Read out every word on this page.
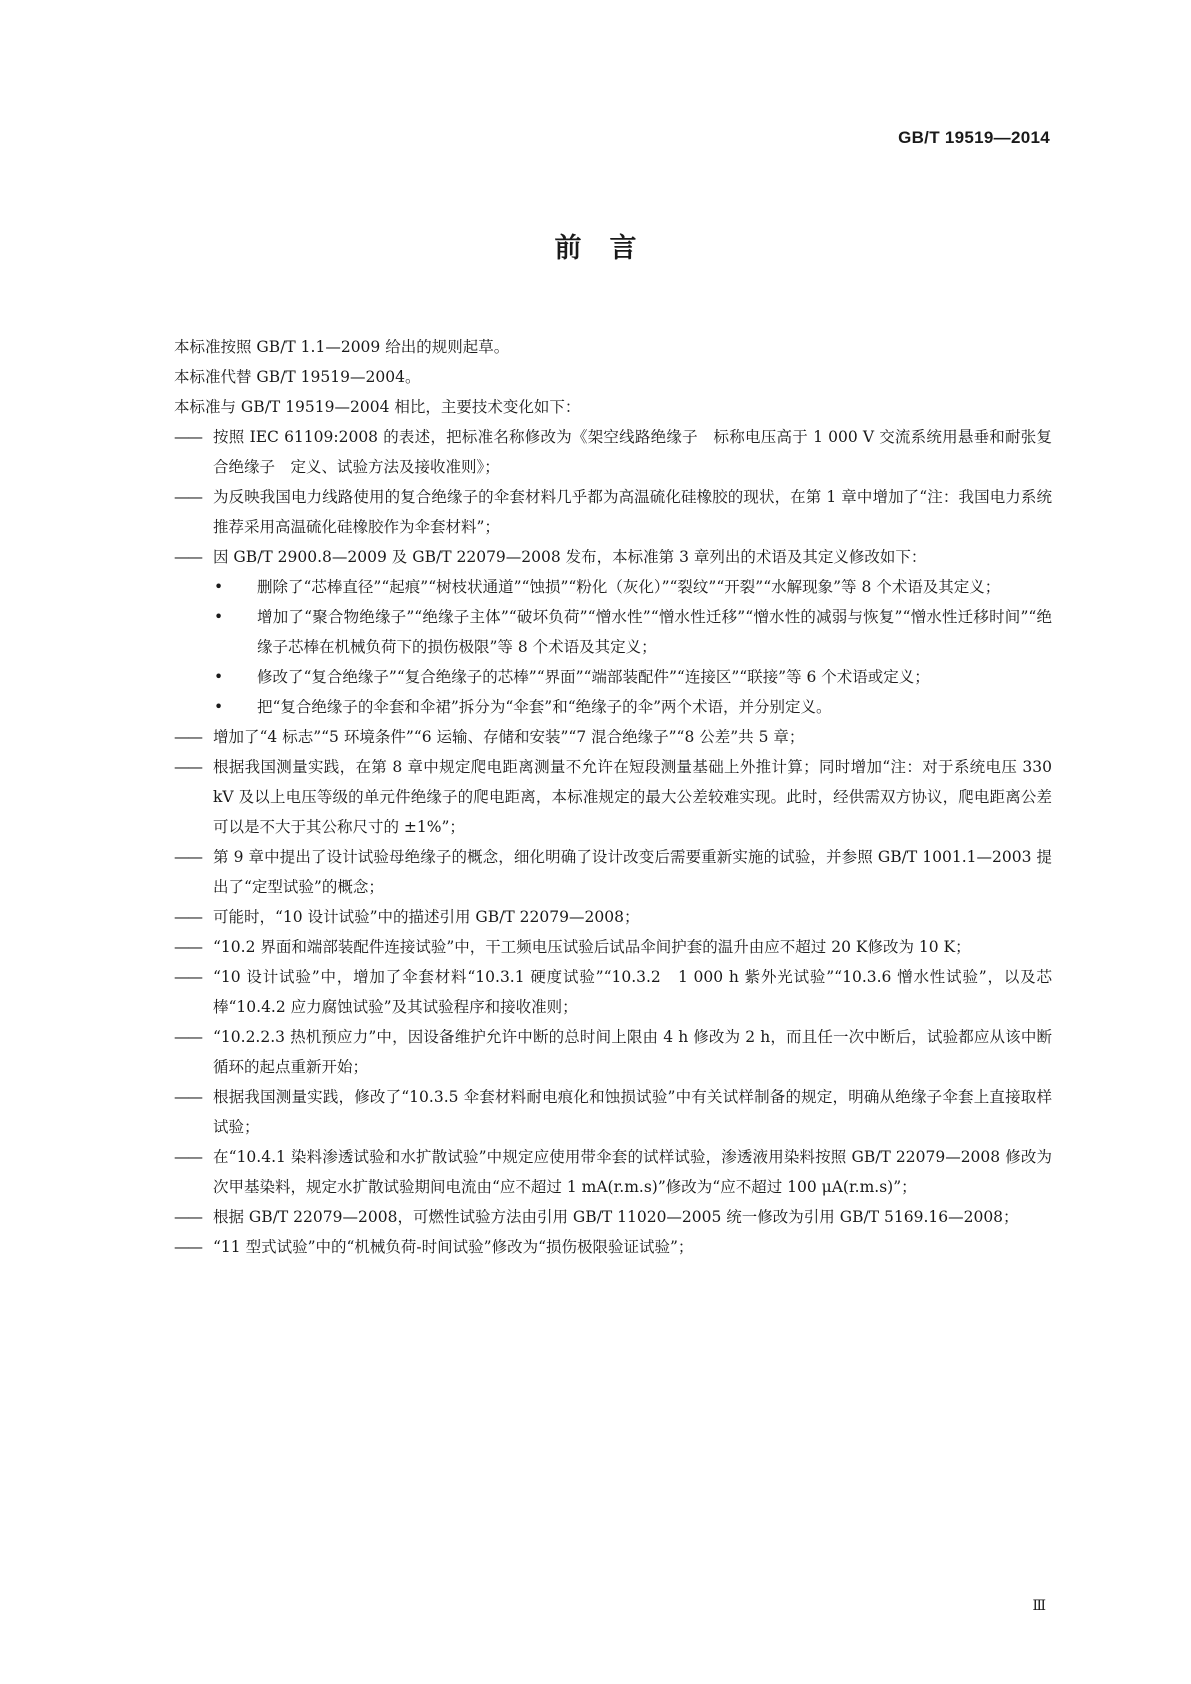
GB/T 19519—2014
前言

本标准按照 GB/T 1.1—2009 给出的规则起草。

本标准代替 GB/T 19519—2004。

本标准与 GB/T 19519—2004 相比，主要技术变化如下：

—— 按照 IEC 61109:2008 的表述，把标准名称修改为《架空线路绝缘子　标称电压高于 1 000 V 交流系统用悬垂和耐张复合绝缘子　定义、试验方法及接收准则》；
—— 为反映我国电力线路使用的复合绝缘子的伞套材料几乎都为高温硫化硅橡胶的现状，在第 1 章中增加了“注：我国电力系统推荐采用高温硫化硅橡胶作为伞套材料”；
—— 因 GB/T 2900.8—2009 及 GB/T 22079—2008 发布，本标准第 3 章列出的术语及其定义修改如下：
• 删除了“芯棒直径”“起痕”“树枝状通道”“蚀损”“粉化（灰化）”“裂纹”“开裂”“水解现象”等 8 个术语及其定义；
• 增加了“聚合物绝缘子”“绝缘子主体”“破坏负荷”“憎水性”“憎水性迁移”“憎水性的减弱与恢复”“憎水性迁移时间”“绝缘子芯棒在机械负荷下的损伤极限”等 8 个术语及其定义；
• 修改了“复合绝缘子”“复合绝缘子的芯棒”“界面”“端部装配件”“连接区”“联接”等 6 个术语或定义；
• 把“复合绝缘子的伞套和伞裙”拆分为“伞套”和“绝缘子的伞”两个术语，并分别定义。
—— 增加了“4 标志”“5 环境条件”“6 运输、存储和安装”“7 混合绝缘子”“8 公差”共 5 章；
—— 根据我国测量实践，在第 8 章中规定爬电距离测量不允许在短段测量基础上外推计算；同时增加“注：对于系统电压 330 kV 及以上电压等级的单元件绝缘子的爬电距离，本标准规定的最大公差较难实现。此时，经供需双方协议，爬电距离公差可以是不大于其公称尺寸的 ±1%”；
—— 第 9 章中提出了设计试验母绝缘子的概念，细化明确了设计改变后需要重新实施的试验，并参照 GB/T 1001.1—2003 提出了“定型试验”的概念；
—— 可能时，“10 设计试验”中的描述引用 GB/T 22079—2008；
—— “10.2 界面和端部装配件连接试验”中，干工频电压试验后试品伞间护套的温升由应不超过 20 K修改为 10 K；
—— “10 设计试验”中，增加了伞套材料“10.3.1 硬度试验”“10.3.2　1 000 h 紫外光试验”“10.3.6 憎水性试验”，以及芯棒“10.4.2 应力腐蚀试验”及其试验程序和接收准则；
—— “10.2.2.3 热机预应力”中，因设备维护允许中断的总时间上限由 4 h 修改为 2 h，而且任一次中断后，试验都应从该中断循环的起点重新开始；
—— 根据我国测量实践，修改了“10.3.5 伞套材料耐电痕化和蚀损试验”中有关试样制备的规定，明确从绝缘子伞套上直接取样试验；
—— 在“10.4.1 染料渗透试验和水扩散试验”中规定应使用带伞套的试样试验，渗透液用染料按照 GB/T 22079—2008 修改为次甲基染料，规定水扩散试验期间电流由“应不超过 1 mA(r.m.s)”修改为“应不超过 100 μA(r.m.s)”；
—— 根据 GB/T 22079—2008，可燃性试验方法由引用 GB/T 11020—2005 统一修改为引用 GB/T 5169.16—2008；
—— “11 型式试验”中的“机械负荷-时间试验”修改为“损伤极限验证试验”；
Ⅲ
